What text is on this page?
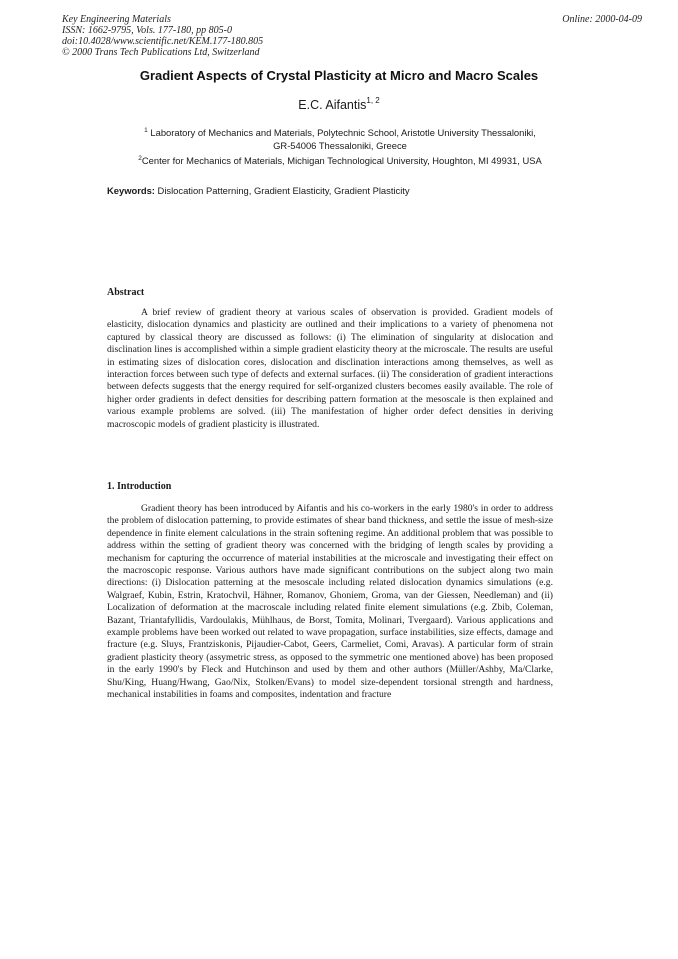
Key Engineering Materials
ISSN: 1662-9795, Vols. 177-180, pp 805-0
doi:10.4028/www.scientific.net/KEM.177-180.805
© 2000 Trans Tech Publications Ltd, Switzerland
Online: 2000-04-09
Gradient Aspects of Crystal Plasticity at Micro and Macro Scales
E.C. Aifantis$^{1, 2}$
$^1$ Laboratory of Mechanics and Materials, Polytechnic School, Aristotle University Thessaloniki,
GR-54006 Thessaloniki, Greece
$^2$Center for Mechanics of Materials, Michigan Technological University, Houghton, MI 49931, USA
Keywords: Dislocation Patterning, Gradient Elasticity, Gradient Plasticity
Abstract

A brief review of gradient theory at various scales of observation is provided. Gradient models of elasticity, dislocation dynamics and plasticity are outlined and their implications to a variety of phenomena not captured by classical theory are discussed as follows: (i) The elimination of singularity at dislocation and disclination lines is accomplished within a simple gradient elasticity theory at the microscale. The results are useful in estimating sizes of dislocation cores, dislocation and disclination interactions among themselves, as well as interaction forces between such type of defects and external surfaces. (ii) The consideration of gradient interactions between defects suggests that the energy required for self-organized clusters becomes easily available. The role of higher order gradients in defect densities for describing pattern formation at the mesoscale is then explained and various example problems are solved. (iii) The manifestation of higher order defect densities in deriving macroscopic models of gradient plasticity is illustrated.

1. Introduction

Gradient theory has been introduced by Aifantis and his co-workers in the early 1980's in order to address the problem of dislocation patterning, to provide estimates of shear band thickness, and settle the issue of mesh-size dependence in finite element calculations in the strain softening regime. An additional problem that was possible to address within the setting of gradient theory was concerned with the bridging of length scales by providing a mechanism for capturing the occurrence of material instabilities at the microscale and investigating their effect on the macroscopic response. Various authors have made significant contributions on the subject along two main directions: (i) Dislocation patterning at the mesoscale including related dislocation dynamics simulations (e.g. Walgraef, Kubin, Estrin, Kratochvil, Hähner, Romanov, Ghoniem, Groma, van der Giessen, Needleman) and (ii) Localization of deformation at the macroscale including related finite element simulations (e.g. Zbib, Coleman, Bazant, Triantafyllidis, Vardoulakis, Mühlhaus, de Borst, Tomita, Molinari, Tvergaard). Various applications and example problems have been worked out related to wave propagation, surface instabilities, size effects, damage and fracture (e.g. Sluys, Frantziskonis, Pijaudier-Cabot, Geers, Carmeliet, Comi, Aravas). A particular form of strain gradient plasticity theory (assymetric stress, as opposed to the symmetric one mentioned above) has been proposed in the early 1990's by Fleck and Hutchinson and used by them and other authors (Müller/Ashby, Ma/Clarke, Shu/King, Huang/Hwang, Gao/Nix, Stolken/Evans) to model size-dependent torsional strength and hardness, mechanical instabilities in foams and composites, indentation and fracture
